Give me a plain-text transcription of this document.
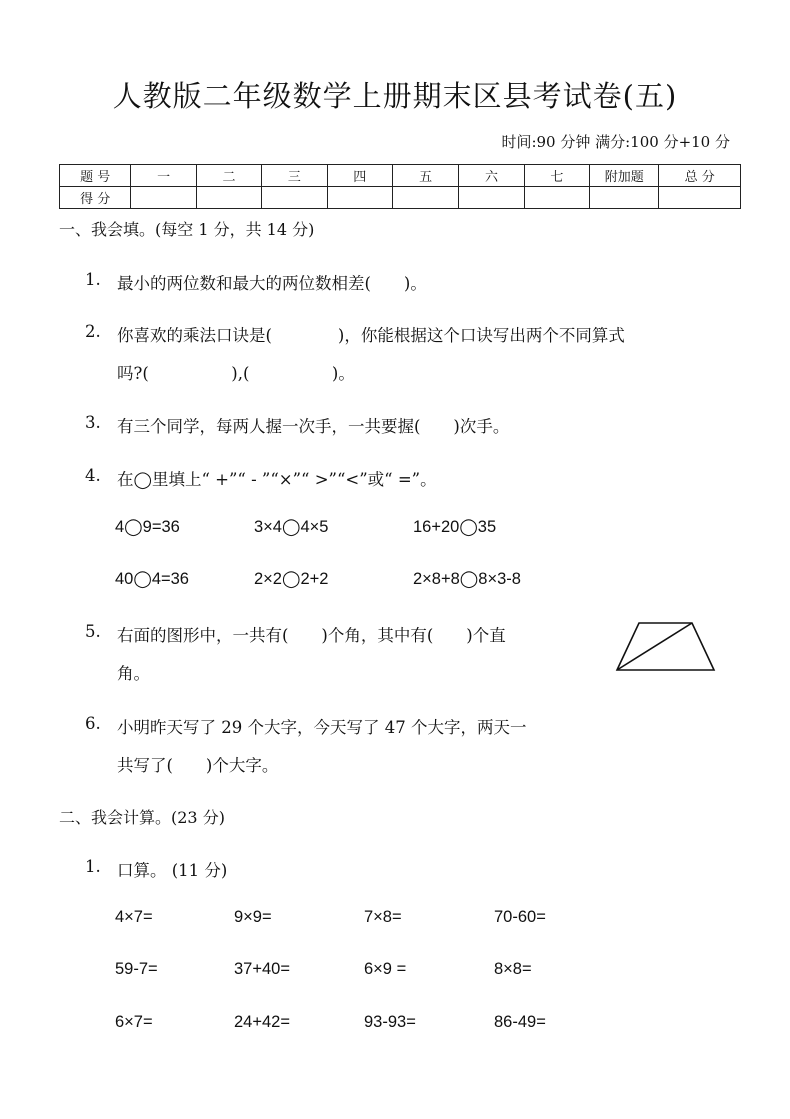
人教版二年级数学上册期末区县考试卷(五)
时间:90 分钟 满分:100 分+10 分
题 号	一	二	三	四	五	六	七	附加题	总 分
得 分									
一、我会填。(每空 1 分，共 14 分)
1. 最小的两位数和最大的两位数相差(　　)。
2. 你喜欢的乘法口诀是(　　　　)，你能根据这个口诀写出两个不同算式
吗?(　　　　　),(　　　　　)。
3. 有三个同学，每两人握一次手，一共要握(　　)次手。
4. 在◯里填上“ +”“ - ”“×”“ >”“<”或“ =”。
4◯9=36	3×4◯4×5	16+20◯35
40◯4=36	2×2◯2+2	2×8+8◯8×3-8
5. 右面的图形中，一共有(　　)个角，其中有(　　)个直
角。
6. 小明昨天写了 29 个大字，今天写了 47 个大字，两天一
共写了(　　)个大字。
二、我会计算。(23 分)
1. 口算。 (11 分)
4×7=	9×9=	7×8=	70-60=
59-7=	37+40=	6×9 =	8×8=
6×7=	24+42=	93-93=	86-49=
